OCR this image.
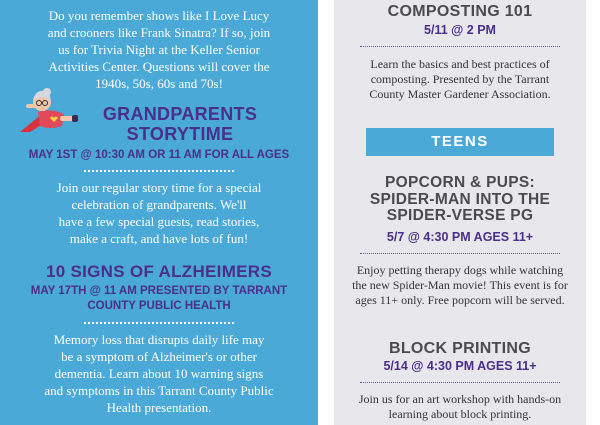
Do you remember shows like I Love Lucy
and crooners like Frank Sinatra? If so, join
us for Trivia Night at the Keller Senior
Activities Center. Questions will cover the
1940s, 50s, 60s and 70s!
GRANDPARENTS
STORYTIME
MAY 1ST @ 10:30 AM OR 11 AM FOR ALL AGES
Join our regular story time for a special
celebration of grandparents. We'll
have a few special guests, read stories,
make a craft, and have lots of fun!
10 SIGNS OF ALZHEIMERS
MAY 17TH @ 11 AM PRESENTED BY TARRANT
COUNTY PUBLIC HEALTH
Memory loss that disrupts daily life may
be a symptom of Alzheimer's or other
dementia. Learn about 10 warning signs
and symptoms in this Tarrant County Public
Health presentation.
COMPOSTING 101
5/11 @ 2 PM
Learn the basics and best practices of
composting. Presented by the Tarrant
County Master Gardener Association.
TEENS
POPCORN & PUPS:
SPIDER-MAN INTO THE
SPIDER-VERSE PG
5/7 @ 4:30 PM AGES 11+
Enjoy petting therapy dogs while watching
the new Spider-Man movie! This event is for
ages 11+ only. Free popcorn will be served.
BLOCK PRINTING
5/14 @ 4:30 PM AGES 11+
Join us for an art workshop with hands-on
learning about block printing.
